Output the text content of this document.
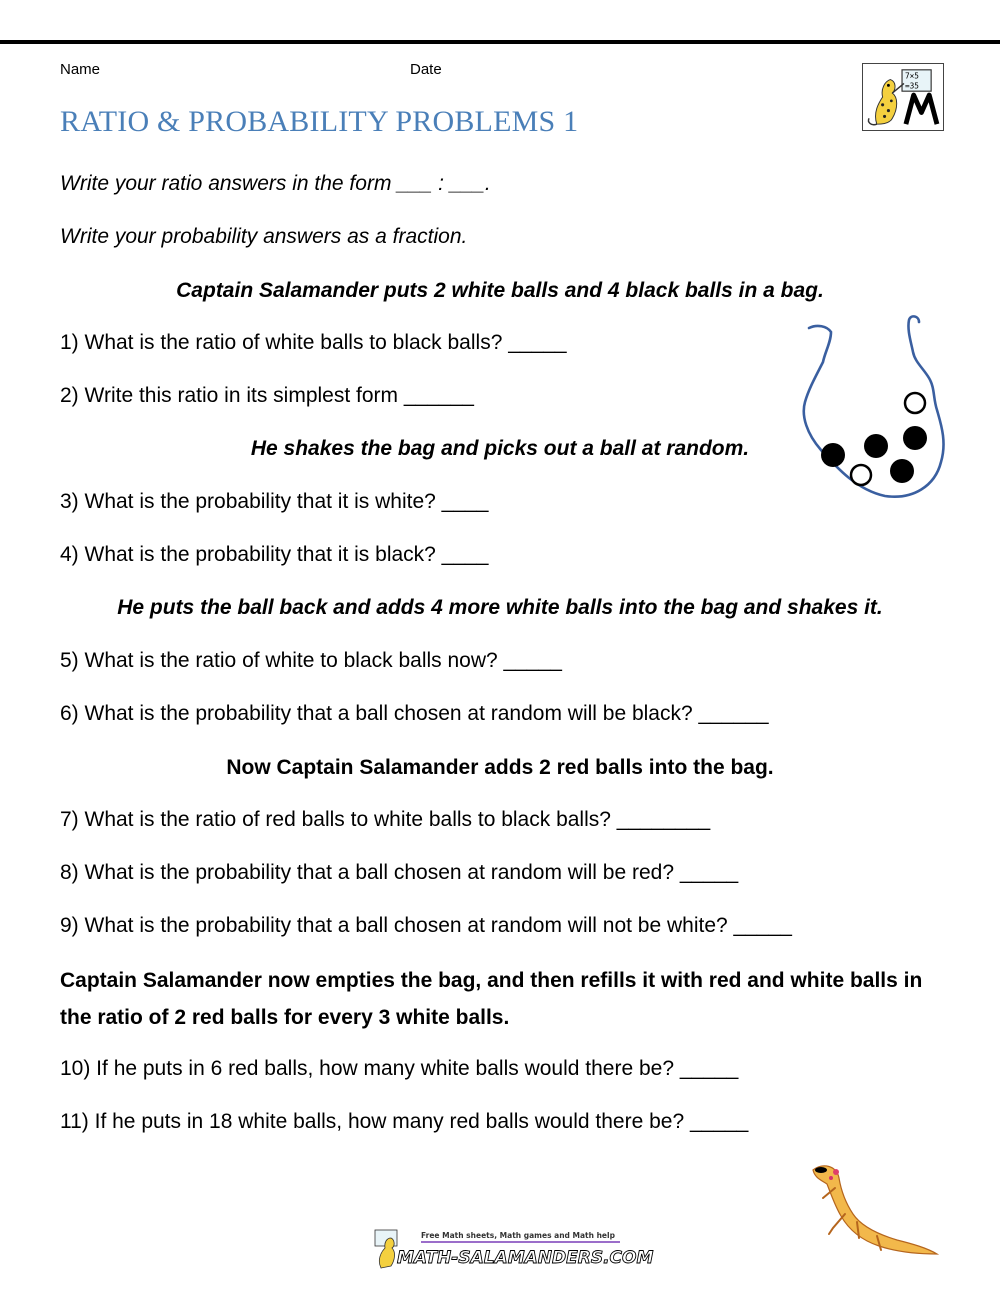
Name	Date
RATIO & PROBABILITY PROBLEMS 1
7×5
=35
Write your ratio answers in the form ___ : ___.
Write your probability answers as a fraction.
Captain Salamander puts 2 white balls and 4 black balls in a bag.
1) What is the ratio of white balls to black balls? _____
2) Write this ratio in its simplest form ______
He shakes the bag and picks out a ball at random.
3) What is the probability that it is white? ____
4) What is the probability that it is black? ____
He puts the ball back and adds 4 more white balls into the bag and shakes it.
5) What is the ratio of white to black balls now? _____
6) What is the probability that a ball chosen at random will be black? ______
Now Captain Salamander adds 2 red balls into the bag.
7) What is the ratio of red balls to white balls to black balls? ________
8) What is the probability that a ball chosen at random will be red? _____
9) What is the probability that a ball chosen at random will not be white? _____
Captain Salamander now empties the bag, and then refills it with red and white balls in the ratio of 2 red balls for every 3 white balls.
10) If he puts in 6 red balls, how many white balls would there be? _____
11) If he puts in 18 white balls, how many red balls would there be? _____
Free Math sheets, Math games and Math help
MATH-SALAMANDERS.COM
